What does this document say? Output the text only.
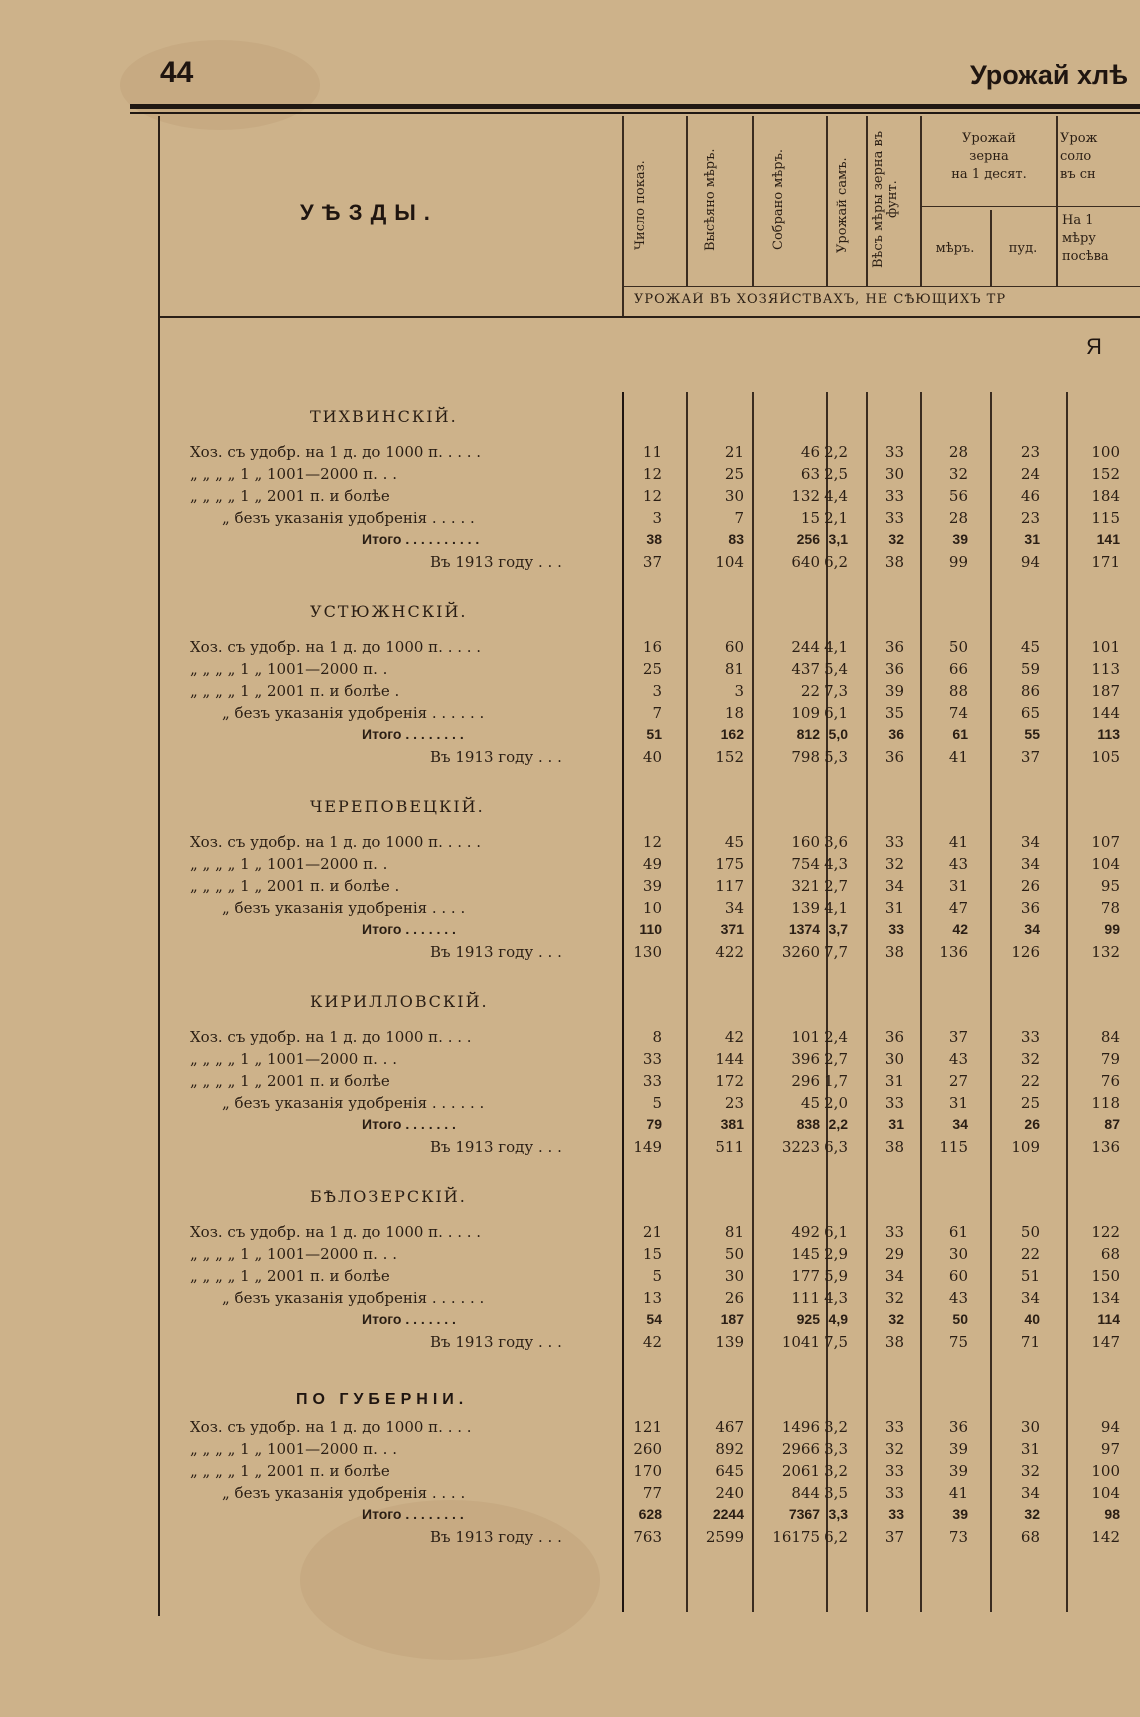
44	Урожай хлѣ
УѢЗДЫ.	Число показ.	Высѣяно мѣръ.	Собрано мѣръ.	Урожай самъ. Вѣсъ мѣры зерна въ фунт.
Урожай
зерна
на 1 десят.
мѣръ.	пуд.
Урож
соло
въ сн
На 1
мѣру
посѣва
УРОЖАЙ ВЪ ХОЗЯЙСТВАХЪ, НЕ СѢЮЩИХЪ ТР
Я
ТИХВИНСКІЙ.
Хоз. съ удобр. на 1 д. до 1000 п. . . . .	11	21	46 2,2	33	28	23	100
„ „ „ „ 1 „ 1001—2000 п. . .	12	25	63 2,5	30	32	24	152
„ „ „ „ 1 „ 2001 п. и болѣе	12	30	132 4,4	33	56	46	184
„ безъ указанія удобренія . . . . .	3	7	15 2,1	33	28	23	115
Итого . . . . . . . . . .	38	83	256 3,1	32	39	31	141
Въ 1913 году . . .	37	104	640 6,2	38	99	94	171
УСТЮЖНСКІЙ.
Хоз. съ удобр. на 1 д. до 1000 п. . . . .	16	60	244 4,1	36	50	45	101
„ „ „ „ 1 „ 1001—2000 п. .	25	81	437 5,4	36	66	59	113
„ „ „ „ 1 „ 2001 п. и болѣе .	3	3	22 7,3	39	88	86	187
„ безъ указанія удобренія . . . . . .	7	18	109 6,1	35	74	65	144
Итого . . . . . . . .	51	162	812 5,0	36	61	55	113
Въ 1913 году . . .	40	152	798 5,3	36	41	37	105
ЧЕРЕПОВЕЦКІЙ.
Хоз. съ удобр. на 1 д. до 1000 п. . . . .	12	45	160 3,6	33	41	34	107
„ „ „ „ 1 „ 1001—2000 п. .	49	175	754 4,3	32	43	34	104
„ „ „ „ 1 „ 2001 п. и болѣе .	39	117	321 2,7	34	31	26	95
„ безъ указанія удобренія . . . .	10	34	139 4,1	31	47	36	78
Итого . . . . . . .	110	371	1374 3,7	33	42	34	99
Въ 1913 году . . .	130	422	3260 7,7	38	136	126	132
КИРИЛЛОВСКІЙ.
Хоз. съ удобр. на 1 д. до 1000 п. . . .	8	42	101 2,4	36	37	33	84
„ „ „ „ 1 „ 1001—2000 п. . .	33	144	396 2,7	30	43	32	79
„ „ „ „ 1 „ 2001 п. и болѣе	33	172	296 1,7	31	27	22	76
„ безъ указанія удобренія . . . . . .	5	23	45 2,0	33	31	25	118
Итого . . . . . . .	79	381	838 2,2	31	34	26	87
Въ 1913 году . . .	149	511	3223 6,3	38	115	109	136
БѢЛОЗЕРСКІЙ.
Хоз. съ удобр. на 1 д. до 1000 п. . . . .	21	81	492 6,1	33	61	50	122
„ „ „ „ 1 „ 1001—2000 п. . .	15	50	145 2,9	29	30	22	68
„ „ „ „ 1 „ 2001 п. и болѣе	5	30	177 5,9	34	60	51	150
„ безъ указанія удобренія . . . . . .	13	26	111 4,3	32	43	34	134
Итого . . . . . . .	54	187	925 4,9	32	50	40	114
Въ 1913 году . . .	42	139	1041 7,5	38	75	71	147
Хоз. съ удобр. на 1 д. до 1000 п. . . .	121	467	1496 3,2	33	36	30	94
„ „ „ „ 1 „ 1001—2000 п. . .	260	892	2966 3,3	32	39	31	97
„ „ „ „ 1 „ 2001 п. и болѣе	170	645	2061 3,2	33	39	32	100
„ безъ указанія удобренія . . . .	77	240	844 3,5	33	41	34	104
Итого . . . . . . . .	628	2244	7367 3,3	33	39	32	98
Въ 1913 году . . .	763	2599	16175 6,2	37	73	68	142
ПО ГУБЕРНІИ.
